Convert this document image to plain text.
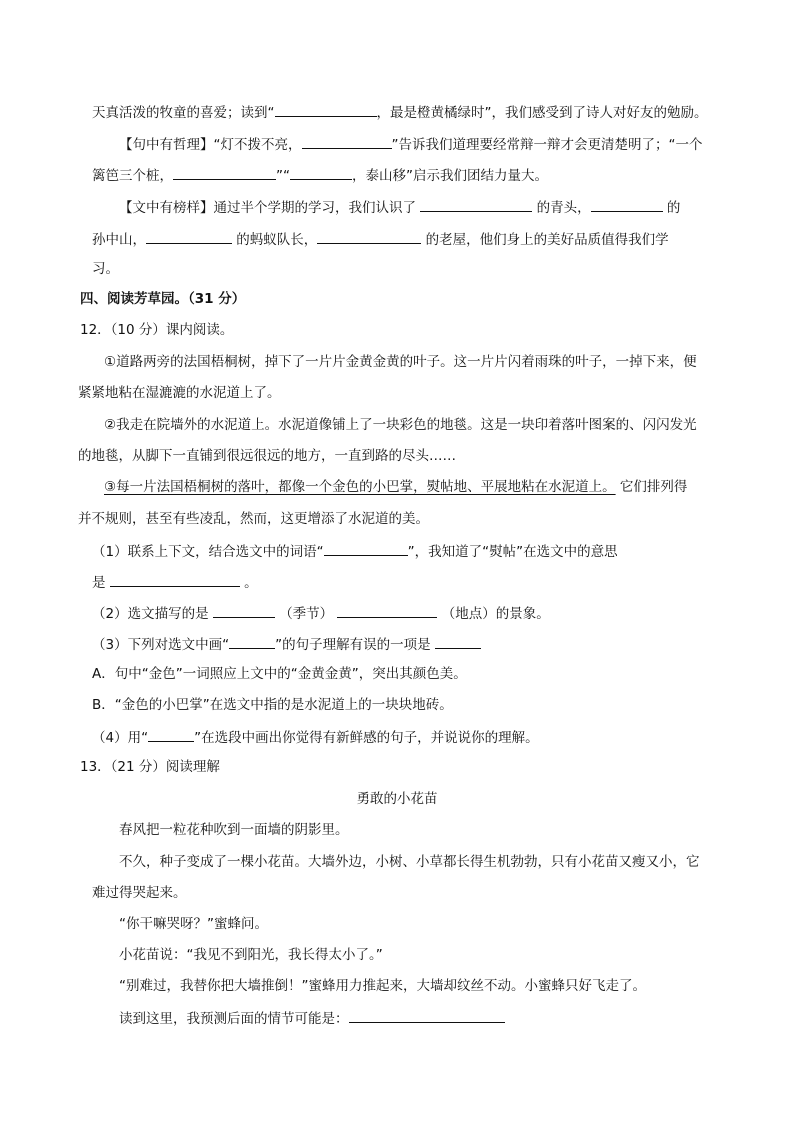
天真活泼的牧童的喜爱；读到“	，最是橙黄橘绿时”，我们感受到了诗人对好友的勉励。
【句中有哲理】“灯不拨不亮，	”告诉我们道理要经常辩一辩才会更清楚明了；“一个
篱笆三个桩，	”“	，泰山移”启示我们团结力量大。
【文中有榜样】通过半个学期的学习，我们认识了	的青头，	的
孙中山，	的蚂蚁队长，	的老屋，他们身上的美好品质值得我们学
习。
四、阅读芳草园。（31 分）
12．（10 分）课内阅读。
①道路两旁的法国梧桐树，掉下了一片片金黄金黄的叶子。这一片片闪着雨珠的叶子，一掉下来，便
紧紧地粘在湿漉漉的水泥道上了。
②我走在院墙外的水泥道上。水泥道像铺上了一块彩色的地毯。这是一块印着落叶图案的、闪闪发光
的地毯，从脚下一直铺到很远很远的地方，一直到路的尽头……
③每一片法国梧桐树的落叶，都像一个金色的小巴掌，熨帖地、平展地粘在水泥道上。 它们排列得
并不规则，甚至有些凌乱，然而，这更增添了水泥道的美。
（1）联系上下文，结合选文中的词语“	”，我知道了“熨帖”在选文中的意思
是	。
（2）选文描写的是	（季节）	（地点）的景象。
（3）下列对选文中画“	”的句子理解有误的一项是
A．句中“金色”一词照应上文中的“金黄金黄”，突出其颜色美。
B．“金色的小巴掌”在选文中指的是水泥道上的一块块地砖。
（4）用“	”在选段中画出你觉得有新鲜感的句子，并说说你的理解。
13．（21 分）阅读理解
勇敢的小花苗
春风把一粒花种吹到一面墙的阴影里。
不久，种子变成了一棵小花苗。大墙外边，小树、小草都长得生机勃勃，只有小花苗又瘦又小，它
难过得哭起来。
“你干嘛哭呀？”蜜蜂问。
小花苗说：“我见不到阳光，我长得太小了。”
“别难过，我替你把大墙推倒！”蜜蜂用力推起来，大墙却纹丝不动。小蜜蜂只好飞走了。
读到这里，我预测后面的情节可能是：
